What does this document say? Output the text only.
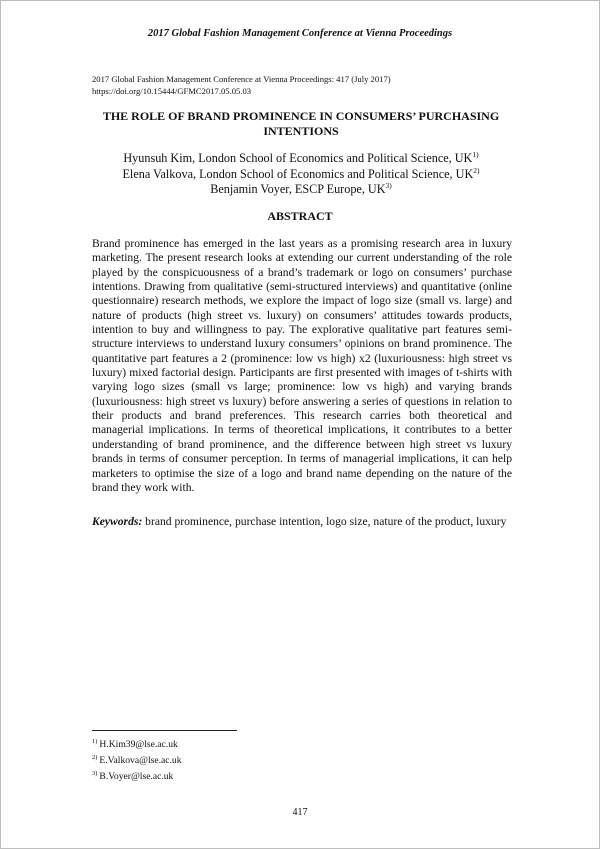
2017 Global Fashion Management Conference at Vienna Proceedings
2017 Global Fashion Management Conference at Vienna Proceedings: 417 (July 2017)
https://doi.org/10.15444/GFMC2017.05.05.03
THE ROLE OF BRAND PROMINENCE IN CONSUMERS’ PURCHASING INTENTIONS
Hyunsuh Kim, London School of Economics and Political Science, UK$^{1)}$
Elena Valkova, London School of Economics and Political Science, UK$^{2)}$
Benjamin Voyer, ESCP Europe, UK$^{3)}$
ABSTRACT
Brand prominence has emerged in the last years as a promising research area in luxury marketing. The present research looks at extending our current understanding of the role played by the conspicuousness of a brand’s trademark or logo on consumers’ purchase intentions. Drawing from qualitative (semi-structured interviews) and quantitative (online questionnaire) research methods, we explore the impact of logo size (small vs. large) and nature of products (high street vs. luxury) on consumers’ attitudes towards products, intention to buy and willingness to pay. The explorative qualitative part features semi-structure interviews to understand luxury consumers’ opinions on brand prominence. The quantitative part features a 2 (prominence: low vs high) x2 (luxuriousness: high street vs luxury) mixed factorial design. Participants are first presented with images of t-shirts with varying logo sizes (small vs large; prominence: low vs high) and varying brands (luxuriousness: high street vs luxury) before answering a series of questions in relation to their products and brand preferences. This research carries both theoretical and managerial implications. In terms of theoretical implications, it contributes to a better understanding of brand prominence, and the difference between high street vs luxury brands in terms of consumer perception. In terms of managerial implications, it can help marketers to optimise the size of a logo and brand name depending on the nature of the brand they work with.
Keywords: brand prominence, purchase intention, logo size, nature of the product, luxury
$^{1)}$ H.Kim39@lse.ac.uk
$^{2)}$ E.Valkova@lse.ac.uk
$^{3)}$ B.Voyer@lse.ac.uk
417
